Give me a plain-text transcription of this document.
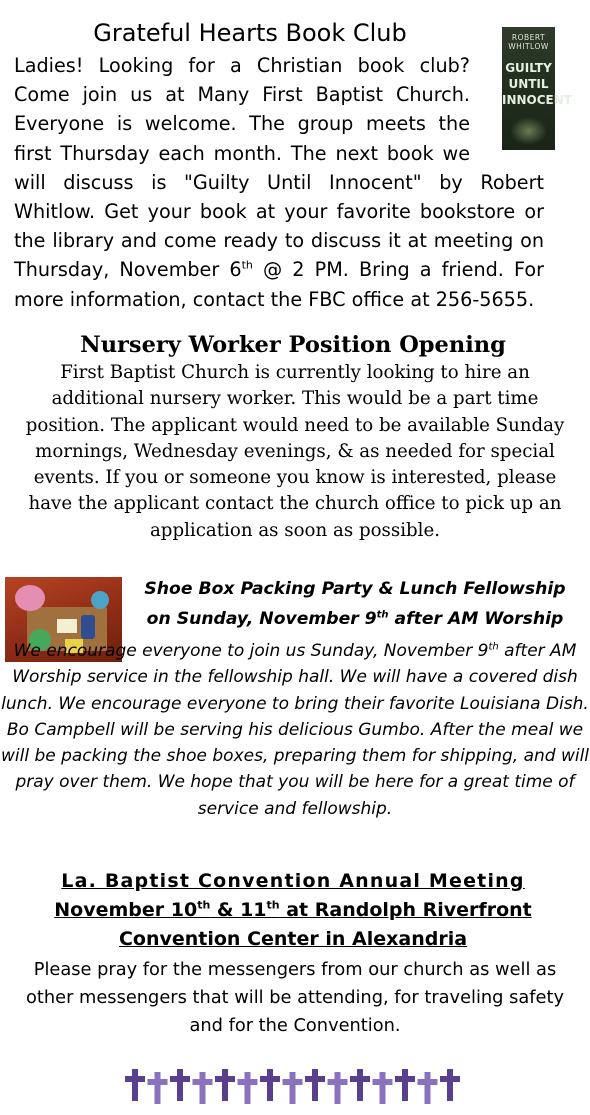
Grateful Hearts Book Club
Ladies! Looking for a Christian book club? Come join us at Many First Baptist Church. Everyone is welcome. The group meets the first Thursday each month. The next book we will discuss is "Guilty Until Innocent" by Robert Whitlow. Get your book at your favorite bookstore or the library and come ready to discuss it at meeting on Thursday, November 6th @ 2 PM. Bring a friend. For more information, contact the FBC office at 256-5655.
ROBERT WHITLOW
GUILTY UNTIL INNOCENT
Nursery Worker Position Opening
First Baptist Church is currently looking to hire an additional nursery worker. This would be a part time position. The applicant would need to be available Sunday mornings, Wednesday evenings, & as needed for special events. If you or someone you know is interested, please have the applicant contact the church office to pick up an application as soon as possible.
Shoe Box Packing Party & Lunch Fellowship
on Sunday, November 9th after AM Worship
We encourage everyone to join us Sunday, November 9th after AM Worship service in the fellowship hall. We will have a covered dish lunch. We encourage everyone to bring their favorite Louisiana Dish. Bo Campbell will be serving his delicious Gumbo. After the meal we will be packing the shoe boxes, preparing them for shipping, and will pray over them. We hope that you will be here for a great time of service and fellowship.
La. Baptist Convention Annual Meeting
November 10th & 11th at Randolph Riverfront
Convention Center in Alexandria
Please pray for the messengers from our church as well as other messengers that will be attending, for traveling safety and for the Convention.
